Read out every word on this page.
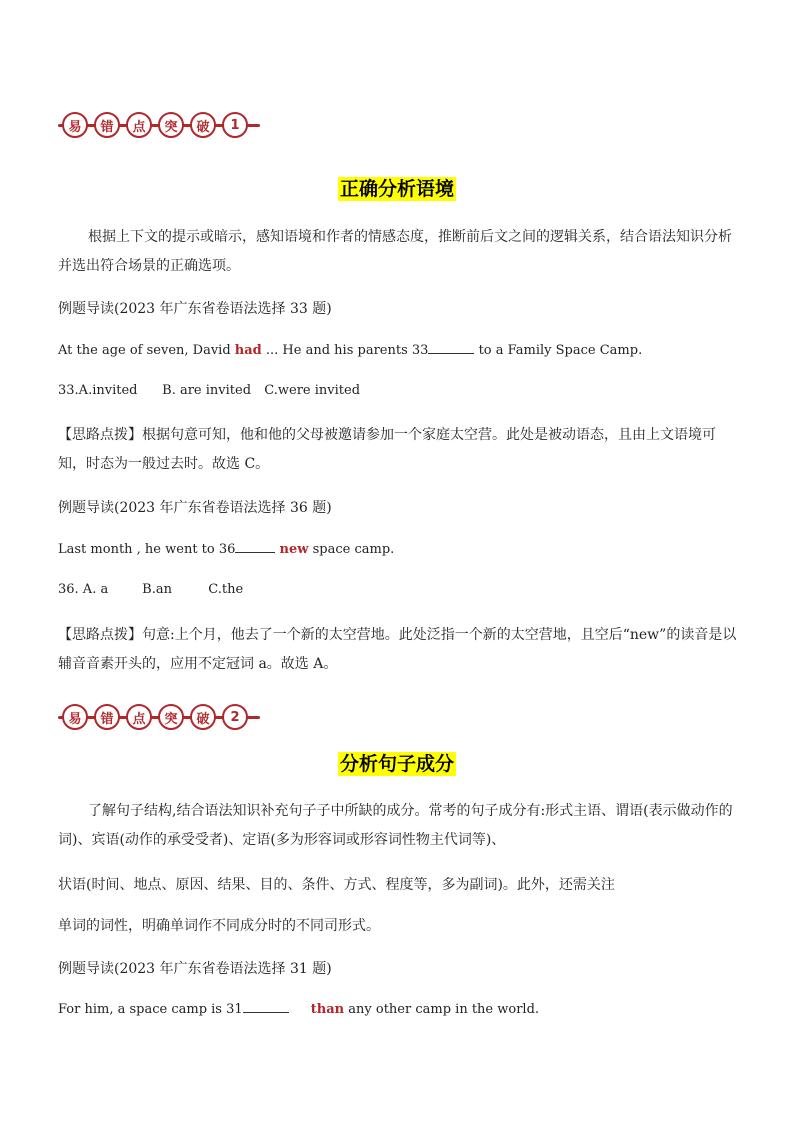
易	错	点	突	破	1
正确分析语境
根据上下文的提示或暗示，感知语境和作者的情感态度，推断前后文之间的逻辑关系，结合语法知识分析并选出符合场景的正确选项。
例题导读(2023 年广东省卷语法选择 33 题)
At the age of seven, David had ... He and his parents 33	to a Family Space Camp.
33.A.invited B. are invited C.were invited
【思路点拨】根据句意可知，他和他的父母被邀请参加一个家庭太空营。此处是被动语态，且由上文语境可知，时态为一般过去时。故选 C。
例题导读(2023 年广东省卷语法选择 36 题)
Last month , he went to 36	new space camp.
36. A. a	B.an	C.the
【思路点拨】句意:上个月，他去了一个新的太空营地。此处泛指一个新的太空营地，且空后“new”的读音是以辅音音素开头的，应用不定冠词 a。故选 A。
易	错	点	突	破	2
分析句子成分
了解句子结构,结合语法知识补充句子子中所缺的成分。常考的句子成分有:形式主语、谓语(表示做动作的词)、宾语(动作的承受受者)、定语(多为形容词或形容词性物主代词等)、
状语(时间、地点、原因、结果、目的、条件、方式、程度等，多为副词)。此外，还需关注
单词的词性，明确单词作不同成分时的不同司形式。
例题导读(2023 年广东省卷语法选择 31 题)
For him, a space camp is 31	than any other camp in the world.
